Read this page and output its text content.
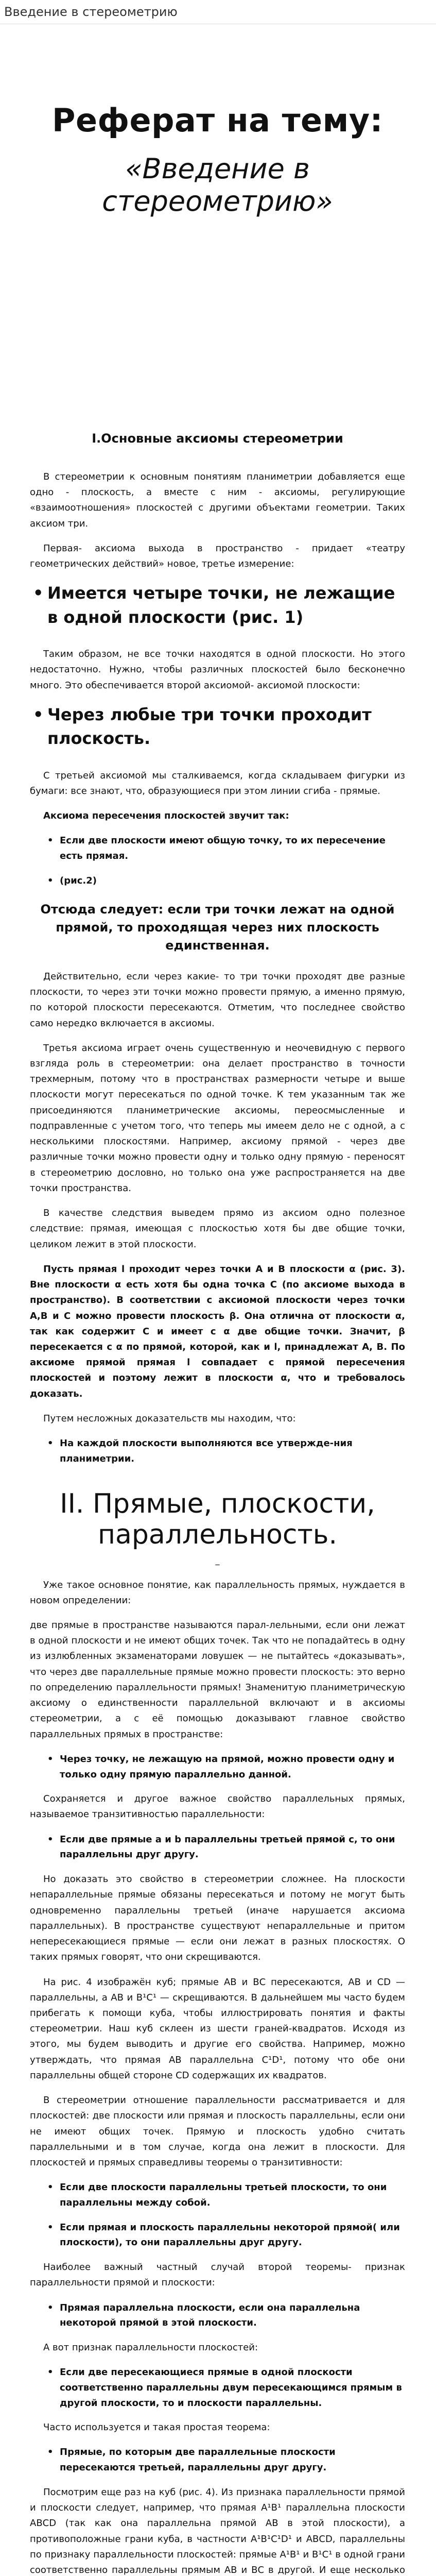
Введение в стереометрию
Реферат на тему:
«Введение в стереометрию»
I.Основные аксиомы стереометрии

В стереометрии к основным понятиям планиметрии добавляется еще одно - плоскость, а вместе с ним - аксиомы, регулирующие «взаимоотношения» плоскостей с другими объектами геометрии. Таких аксиом три.

Первая- аксиома выхода в пространство - придает «театру геометрических действий» новое, третье измерение:

• Имеется четыре точки, не лежащие в одной плоскости (рис. 1)

Таким образом, не все точки находятся в одной плоскости. Но этого недостаточно. Нужно, чтобы различных плоскостей было бесконечно много. Это обеспечивается второй аксиомой- аксиомой плоскости:

• Через любые три точки проходит плоскость.

С третьей аксиомой мы сталкиваемся, когда складываем фигурки из бумаги: все знают, что, образующиеся при этом линии сгиба - прямые.

Аксиома пересечения плоскостей звучит так:

• Если две плоскости имеют общую точку, то их пересечение есть прямая.
• (рис.2)
Отсюда следует: если три точки лежат на одной прямой, то проходящая через них плоскость единственная.

Действительно, если через какие- то три точки проходят две разные плоскости, то через эти точки можно провести прямую, а именно прямую, по которой плоскости пересекаются. Отметим, что последнее свойство само нередко включается в аксиомы.

Третья аксиома играет очень существенную и неочевидную с первого взгляда роль в стереометрии: она делает пространство в точности трехмерным, потому что в пространствах размерности четыре и выше плоскости могут пересекаться по одной точке. К тем указанным так же присоединяются планиметрические аксиомы, переосмысленные и подправленные с учетом того, что теперь мы имеем дело не с одной, а с несколькими плоскостями. Например, аксиому прямой - через две различные точки можно провести одну и только одну прямую - переносят в стереометрию дословно, но только она уже распространяется на две точки пространства.

В качестве следствия выведем прямо из аксиом одно полезное следствие: прямая, имеющая с плоскостью хотя бы две общие точки, целиком лежит в этой плоскости.

Пусть прямая l проходит через точки А и В плоскости α (рис. 3). Вне плоскости α есть хотя бы одна точка С (по аксиоме выхода в пространство). В соответствии с аксиомой плоскости через точки А,В и С можно провести плоскость β. Она отлична от плоскости α, так как содержит С и имеет с α две общие точки. Значит, β пересекается с α по прямой, которой, как и l, принадлежат А, В. По аксиоме прямой прямая l совпадает с прямой пересечения плоскостей и поэтому лежит в плоскости α, что и требовалось доказать.

Путем несложных доказательств мы находим, что:

• На каждой плоскости выполняются все утвержде-ния планиметрии.
II. Прямые, плоскости, параллельность.
_

Уже такое основное понятие, как параллельность прямых, нуждается в новом определении:

две прямые в пространстве называются парал-лельными, если они лежат в одной плоскости и не имеют общих точек. Так что не попадайтесь в одну из излюбленных экзаменаторами ловушек — не пытайтесь «доказывать», что через две параллельные прямые можно провести плоскость: это верно по определению параллельности прямых! Знаменитую планиметрическую аксиому о единственности параллельной включают и в аксиомы стереометрии, а с её помощью доказывают главное свойство параллельных прямых в пространстве:

• Через точку, не лежащую на прямой, можно провести одну и только одну прямую параллельно данной.

Сохраняется и другое важное свойство параллельных прямых, называемое транзитивностью параллельности:

• Если две прямые а и b параллельны третьей прямой с, то они параллельны друг другу.

Но доказать это свойство в стереометрии сложнее. На плоскости непараллельные прямые обязаны пересекаться и потому не могут быть одновременно параллельны третьей (иначе нарушается аксиома параллельных). В пространстве существуют непараллельные и притом непересекающиеся прямые — если они лежат в разных плоскостях. О таких прямых говорят, что они скрещиваются.

На рис. 4 изображён куб; прямые АВ и ВС пересекаются, АВ и СD — параллельны, а АВ и В¹С¹ — скрещиваются. В дальнейшем мы часто будем прибегать к помощи куба, чтобы иллюстрировать понятия и факты стереометрии. Наш куб склеен из шести граней-квадратов. Исходя из этого, мы будем выводить и другие его свойства. Например, можно утверждать, что прямая АВ параллельна С¹D¹, потому что обе они параллельны общей стороне СD содержащих их квадратов.

В стереометрии отношение параллельности рассматривается и для плоскостей: две плоскости или прямая и плоскость параллельны, если они не имеют общих точек. Прямую и плоскость удобно считать параллельными и в том случае, когда она лежит в плоскости. Для плоскостей и прямых справедливы теоремы о транзитивности:

• Если две плоскости параллельны третьей плоскости, то они параллельны между собой.
• Если прямая и плоскость параллельны некоторой прямой( или плоскости), то они параллельны друг другу.

Наиболее важный частный случай второй теоремы- признак параллельности прямой и плоскости:

• Прямая параллельна плоскости, если она параллельна некоторой прямой в этой плоскости.

А вот признак параллельности плоскостей:

• Если две пересекающиеся прямые в одной плоскости соответственно параллельны двум пересекающимся прямым в другой плоскости, то и плоскости параллельны.

Часто используется и такая простая теорема:

• Прямые, по которым две параллельные плоскости пересекаются третьей, параллельны друг другу.

Посмотрим еще раз на куб (рис. 4). Из признака параллельности прямой и плоскости следует, например, что прямая А¹В¹ параллельна плоскости АВСD (так как она параллельна прямой АВ в этой плоскости), а противоположные грани куба, в частности А¹В¹С¹D¹ и АВСD, параллельны по признаку параллельности плоскостей: прямые А¹В¹ и В¹С¹ в одной грани соответственно параллельны прямым АВ и ВС в другой. И еще несколько
